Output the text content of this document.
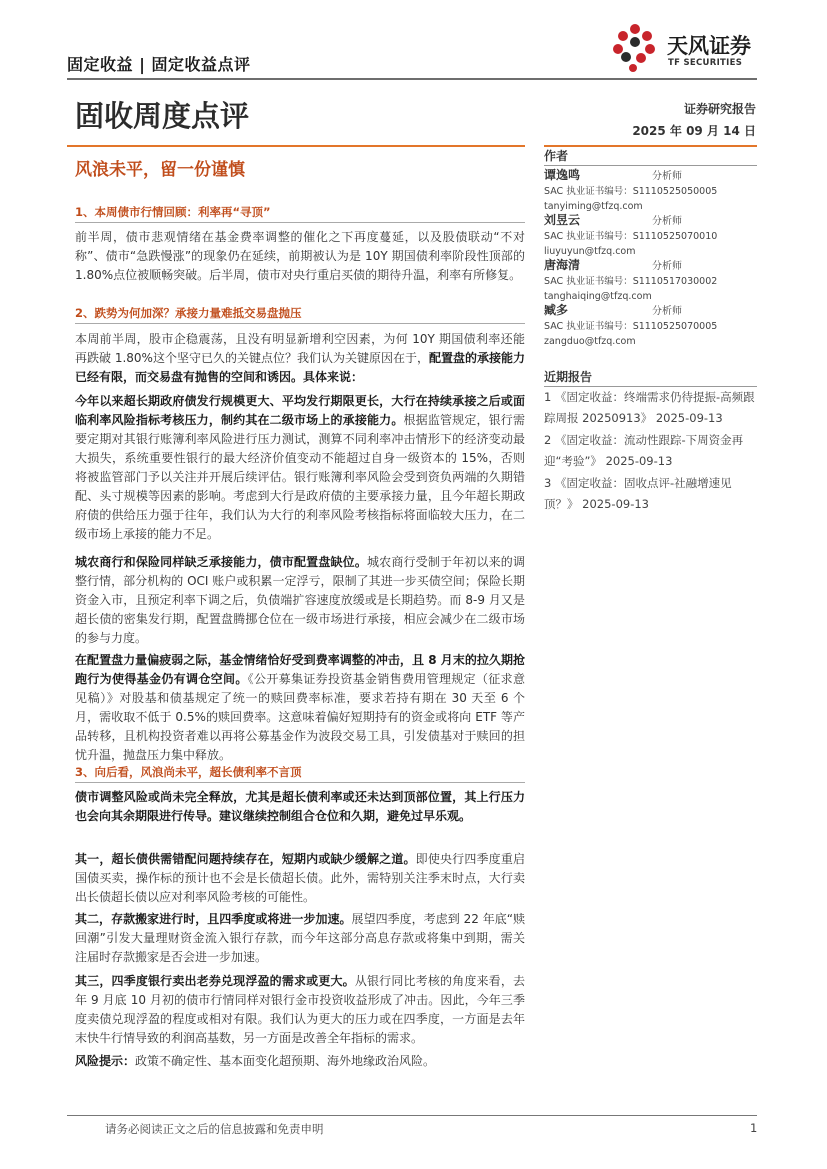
固定收益 | 固定收益点评
天风证券
TF SECURITIES
固收周度点评	证券研究报告
2025 年 09 月 14 日
风浪未平，留一份谨慎
1、本周债市行情回顾：利率再“寻顶”

前半周，债市悲观情绪在基金费率调整的催化之下再度蔓延，以及股债联动“不对称”、债市“急跌慢涨”的现象仍在延续，前期被认为是 10Y 期国债利率阶段性顶部的 1.80%点位被顺畅突破。后半周，债市对央行重启买债的期待升温，利率有所修复。

2、跌势为何加深？承接力量难抵交易盘抛压

本周前半周，股市企稳震荡，且没有明显新增利空因素，为何 10Y 期国债利率还能再跌破 1.80%这个坚守已久的关键点位？我们认为关键原因在于，配置盘的承接能力已经有限，而交易盘有抛售的空间和诱因。具体来说：

今年以来超长期政府债发行规模更大、平均发行期限更长，大行在持续承接之后或面临利率风险指标考核压力，制约其在二级市场上的承接能力。根据监管规定，银行需要定期对其银行账簿利率风险进行压力测试，测算不同利率冲击情形下的经济变动最大损失，系统重要性银行的最大经济价值变动不能超过自身一级资本的 15%，否则将被监管部门予以关注并开展后续评估。银行账簿利率风险会受到资负两端的久期错配、头寸规模等因素的影响。考虑到大行是政府债的主要承接力量，且今年超长期政府债的供给压力强于往年，我们认为大行的利率风险考核指标将面临较大压力，在二级市场上承接的能力不足。

城农商行和保险同样缺乏承接能力，债市配置盘缺位。城农商行受制于年初以来的调整行情，部分机构的 OCI 账户或积累一定浮亏，限制了其进一步买债空间；保险长期资金入市，且预定利率下调之后，负债端扩容速度放缓或是长期趋势。而 8-9 月又是超长债的密集发行期，配置盘腾挪仓位在一级市场进行承接，相应会减少在二级市场的参与力度。

在配置盘力量偏疲弱之际，基金情绪恰好受到费率调整的冲击，且 8 月末的拉久期抢跑行为使得基金仍有调仓空间。《公开募集证券投资基金销售费用管理规定（征求意见稿）》对股基和债基规定了统一的赎回费率标准，要求若持有期在 30 天至 6 个月，需收取不低于 0.5%的赎回费率。这意味着偏好短期持有的资金或将向 ETF 等产品转移，且机构投资者难以再将公募基金作为波段交易工具，引发债基对于赎回的担忧升温，抛盘压力集中释放。

3、向后看，风浪尚未平，超长债利率不言顶

债市调整风险或尚未完全释放，尤其是超长债利率或还未达到顶部位置，其上行压力也会向其余期限进行传导。建议继续控制组合仓位和久期，避免过早乐观。

其一，超长债供需错配问题持续存在，短期内或缺少缓解之道。即使央行四季度重启国债买卖，操作标的预计也不会是长债超长债。此外，需特别关注季末时点，大行卖出长债超长债以应对利率风险考核的可能性。

其二，存款搬家进行时，且四季度或将进一步加速。展望四季度，考虑到 22 年底“赎回潮”引发大量理财资金流入银行存款，而今年这部分高息存款或将集中到期，需关注届时存款搬家是否会进一步加速。

其三，四季度银行卖出老券兑现浮盈的需求或更大。从银行同比考核的角度来看，去年 9 月底 10 月初的债市行情同样对银行金市投资收益形成了冲击。因此，今年三季度卖债兑现浮盈的程度或相对有限。我们认为更大的压力或在四季度，一方面是去年末快牛行情导致的利润高基数，另一方面是改善全年指标的需求。

风险提示：政策不确定性、基本面变化超预期、海外地缘政治风险。
作者
谭逸鸣	分析师
SAC 执业证书编号：S1110525050005
tanyiming@tfzq.com
刘昱云	分析师
SAC 执业证书编号：S1110525070010
liuyuyun@tfzq.com
唐海清	分析师
SAC 执业证书编号：S1110517030002
tanghaiqing@tfzq.com
臧多	分析师
SAC 执业证书编号：S1110525070005
zangduo@tfzq.com
近期报告

1 《固定收益：终端需求仍待提振-高频跟踪周报 20250913》 2025-09-13

2 《固定收益：流动性跟踪-下周资金再迎“考验”》 2025-09-13

3 《固定收益：固收点评-社融增速见顶？》 2025-09-13

请务必阅读正文之后的信息披露和免责申明	1
